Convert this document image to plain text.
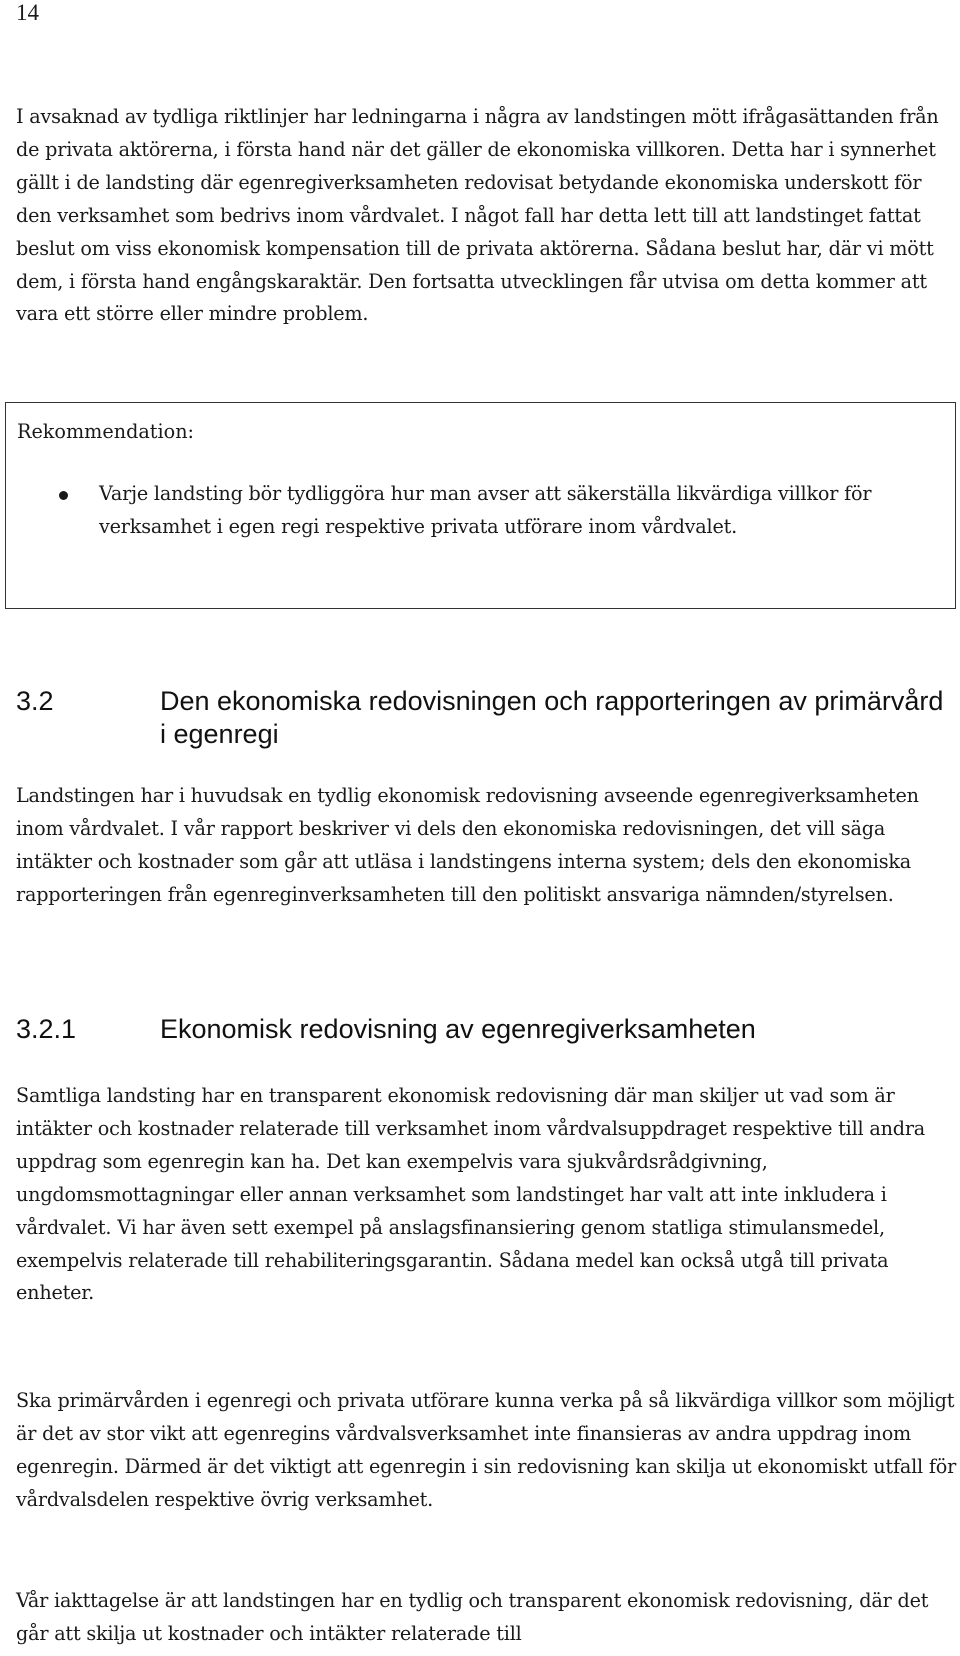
14

I avsaknad av tydliga riktlinjer har ledningarna i några av landstingen mött ifrågasättanden från de privata aktörerna, i första hand när det gäller de ekonomiska villkoren. Detta har i synnerhet gällt i de landsting där egenregiverksamheten redovisat betydande ekonomiska underskott för den verksamhet som bedrivs inom vårdvalet. I något fall har detta lett till att landstinget fattat beslut om viss ekonomisk kompensation till de privata aktörerna. Sådana beslut har, där vi mött dem, i första hand engångskaraktär. Den fortsatta utvecklingen får utvisa om detta kommer att vara ett större eller mindre problem.

Rekommendation:

Varje landsting bör tydliggöra hur man avser att säkerställa likvärdiga villkor för verksamhet i egen regi respektive privata utförare inom vårdvalet.

3.2	Den ekonomiska redovisningen och rapporteringen av primärvård i egenregi

Landstingen har i huvudsak en tydlig ekonomisk redovisning avseende egenregiverksamheten inom vårdvalet. I vår rapport beskriver vi dels den ekonomiska redovisningen, det vill säga intäkter och kostnader som går att utläsa i landstingens interna system; dels den ekonomiska rapporteringen från egenreginverksamheten till den politiskt ansvariga nämnden/styrelsen.

3.2.1	Ekonomisk redovisning av egenregiverksamheten

Samtliga landsting har en transparent ekonomisk redovisning där man skiljer ut vad som är intäkter och kostnader relaterade till verksamhet inom vårdvalsuppdraget respektive till andra uppdrag som egenregin kan ha. Det kan exempelvis vara sjukvårdsrådgivning, ungdomsmottagningar eller annan verksamhet som landstinget har valt att inte inkludera i vårdvalet. Vi har även sett exempel på anslagsfinansiering genom statliga stimulansmedel, exempelvis relaterade till rehabiliteringsgarantin. Sådana medel kan också utgå till privata enheter.

Ska primärvården i egenregi och privata utförare kunna verka på så likvärdiga villkor som möjligt är det av stor vikt att egenregins vårdvalsverksamhet inte finansieras av andra uppdrag inom egenregin. Därmed är det viktigt att egenregin i sin redovisning kan skilja ut ekonomiskt utfall för vårdvalsdelen respektive övrig verksamhet.

Vår iakttagelse är att landstingen har en tydlig och transparent ekonomisk redovisning, där det går att skilja ut kostnader och intäkter relaterade till
